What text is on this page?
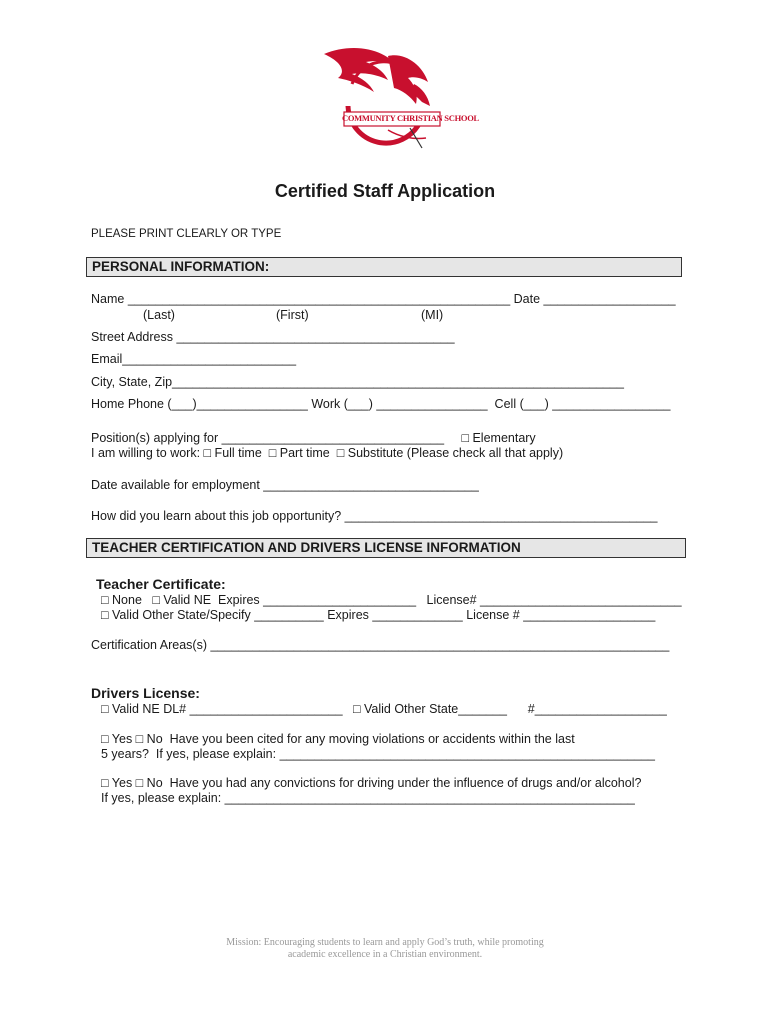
COMMUNITY CHRISTIAN SCHOOL
Certified Staff Application
PLEASE PRINT CLEARLY OR TYPE
PERSONAL INFORMATION:
Name _______________________________________________________ Date ___________________
(Last)	(First)	(MI)
Street Address ________________________________________
Email_________________________
City, State, Zip_________________________________________________________________
Home Phone (___)________________ Work (___) ________________  Cell (___) _________________
Position(s) applying for ________________________________     □ Elementary
I am willing to work: □ Full time  □ Part time  □ Substitute (Please check all that apply)
Date available for employment _______________________________
How did you learn about this job opportunity? _____________________________________________
TEACHER CERTIFICATION AND DRIVERS LICENSE INFORMATION
Teacher Certificate:
□ None   □ Valid NE  Expires ______________________   License# _____________________________
□ Valid Other State/Specify __________ Expires _____________ License # ___________________
Certification Areas(s) __________________________________________________________________
Drivers License:
□ Valid NE DL# ______________________   □ Valid Other State_______      #___________________
□ Yes □ No  Have you been cited for any moving violations or accidents within the last
5 years?  If yes, please explain: ______________________________________________________
□ Yes □ No  Have you had any convictions for driving under the influence of drugs and/or alcohol?
If yes, please explain: ___________________________________________________________
Mission: Encouraging students to learn and apply God’s truth, while promoting
academic excellence in a Christian environment.
